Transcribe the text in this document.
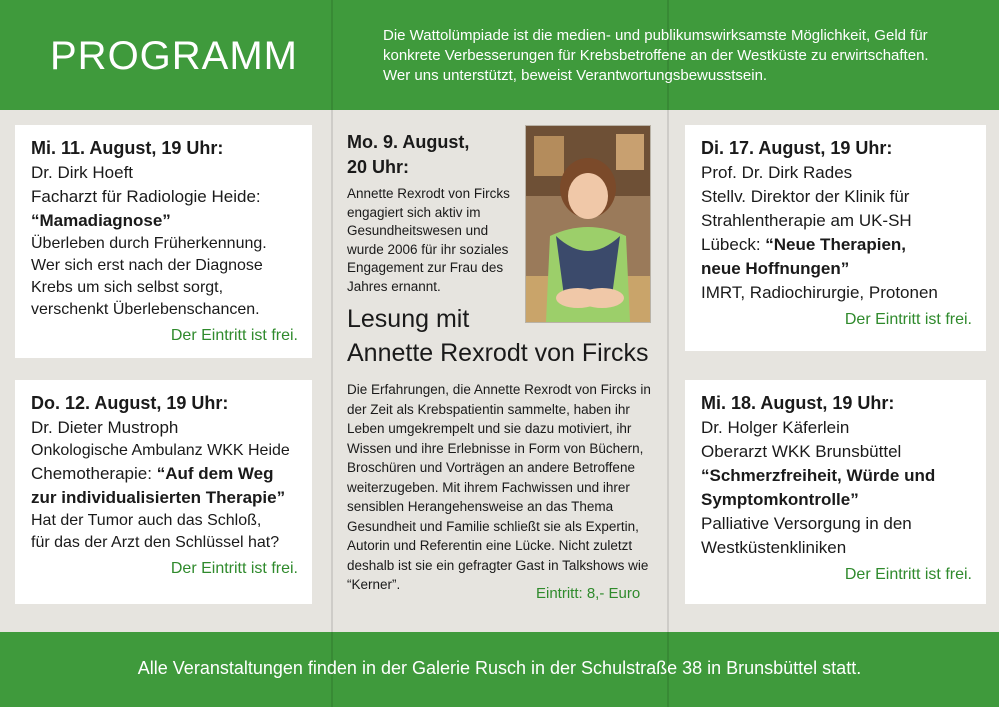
PROGRAMM	Die Wattolümpiade ist die medien- und publikumswirksamste Möglichkeit, Geld für konkrete Verbesserungen für Krebsbetroffene an der Westküste zu erwirtschaften. Wer uns unterstützt, beweist Verantwortungsbewusstsein.
Mi. 11. August, 19 Uhr:
Dr. Dirk Hoeft
Facharzt für Radiologie Heide:
“Mamadiagnose”
Überleben durch Früherkennung.
Wer sich erst nach der Diagnose
Krebs um sich selbst sorgt,
verschenkt Überlebenschancen.
Der Eintritt ist frei.
Do. 12. August, 19 Uhr:
Dr. Dieter Mustroph
Onkologische Ambulanz WKK Heide
Chemotherapie: “Auf dem Weg
zur individualisierten Therapie”
Hat der Tumor auch das Schloß,
für das der Arzt den Schlüssel hat?
Der Eintritt ist frei.
Mo. 9. August,
20 Uhr:
Annette Rexrodt von Fircks engagiert sich aktiv im Gesundheitswesen und wurde 2006 für ihr soziales Engagement zur Frau des Jahres ernannt.
Lesung mit
Annette Rexrodt von Fircks
Die Erfahrungen, die Annette Rexrodt von Fircks in der Zeit als Krebspatientin sammelte, haben ihr Leben umgekrempelt und sie dazu motiviert, ihr Wissen und ihre Erlebnisse in Form von Büchern, Broschüren und Vorträgen an andere Betroffene weiterzugeben. Mit ihrem Fachwissen und ihrer sensiblen Herangehensweise an das Thema Gesundheit und Familie schließt sie als Expertin, Autorin und Referentin eine Lücke. Nicht zuletzt deshalb ist sie ein gefragter Gast in Talkshows wie “Kerner”.
Eintritt: 8,- Euro
Di. 17. August, 19 Uhr:
Prof. Dr. Dirk Rades
Stellv. Direktor der Klinik für
Strahlentherapie am UK-SH
Lübeck: “Neue Therapien,
neue Hoffnungen”
IMRT, Radiochirurgie, Protonen
Der Eintritt ist frei.
Mi. 18. August, 19 Uhr:
Dr. Holger Käferlein
Oberarzt WKK Brunsbüttel
“Schmerzfreiheit, Würde und
Symptomkontrolle”
Palliative Versorgung in den
Westküstenkliniken
Der Eintritt ist frei.
Alle Veranstaltungen finden in der Galerie Rusch in der Schulstraße 38 in Brunsbüttel statt.
